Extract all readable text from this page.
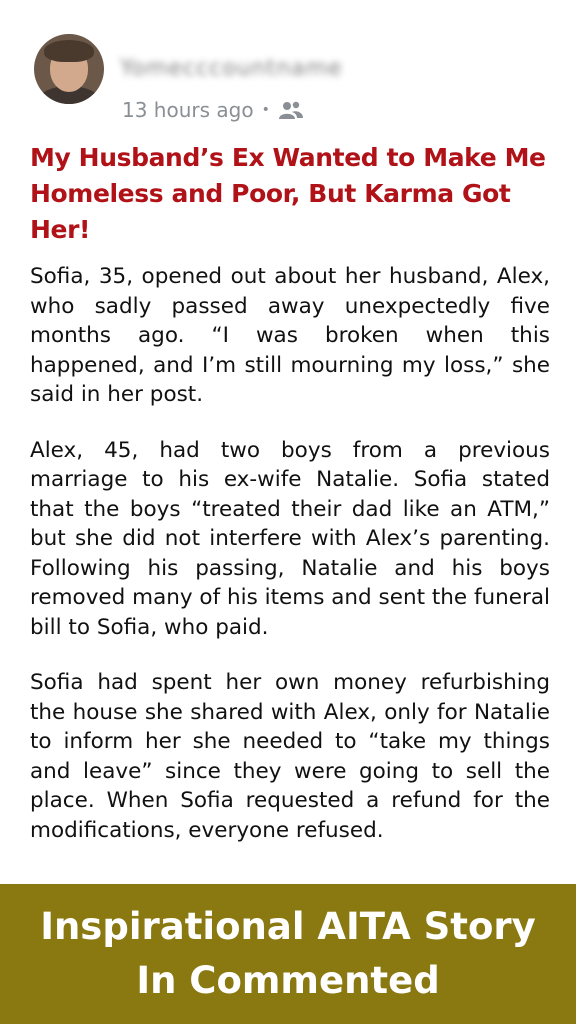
Yomecccountname
13 hours ago •
My Husband’s Ex Wanted to Make Me Homeless and Poor, But Karma Got Her!

Sofia, 35, opened out about her husband, Alex, who sadly passed away unexpectedly five months ago. “I was broken when this happened, and I’m still mourning my loss,” she said in her post.

Alex, 45, had two boys from a previous marriage to his ex-wife Natalie. Sofia stated that the boys “treated their dad like an ATM,” but she did not interfere with Alex’s parenting. Following his passing, Natalie and his boys removed many of his items and sent the funeral bill to Sofia, who paid.

Sofia had spent her own money refurbishing the house she shared with Alex, only for Natalie to inform her she needed to “take my things and leave” since they were going to sell the place. When Sofia requested a refund for the modifications, everyone refused.

Inspirational AITA Story
In Commented
